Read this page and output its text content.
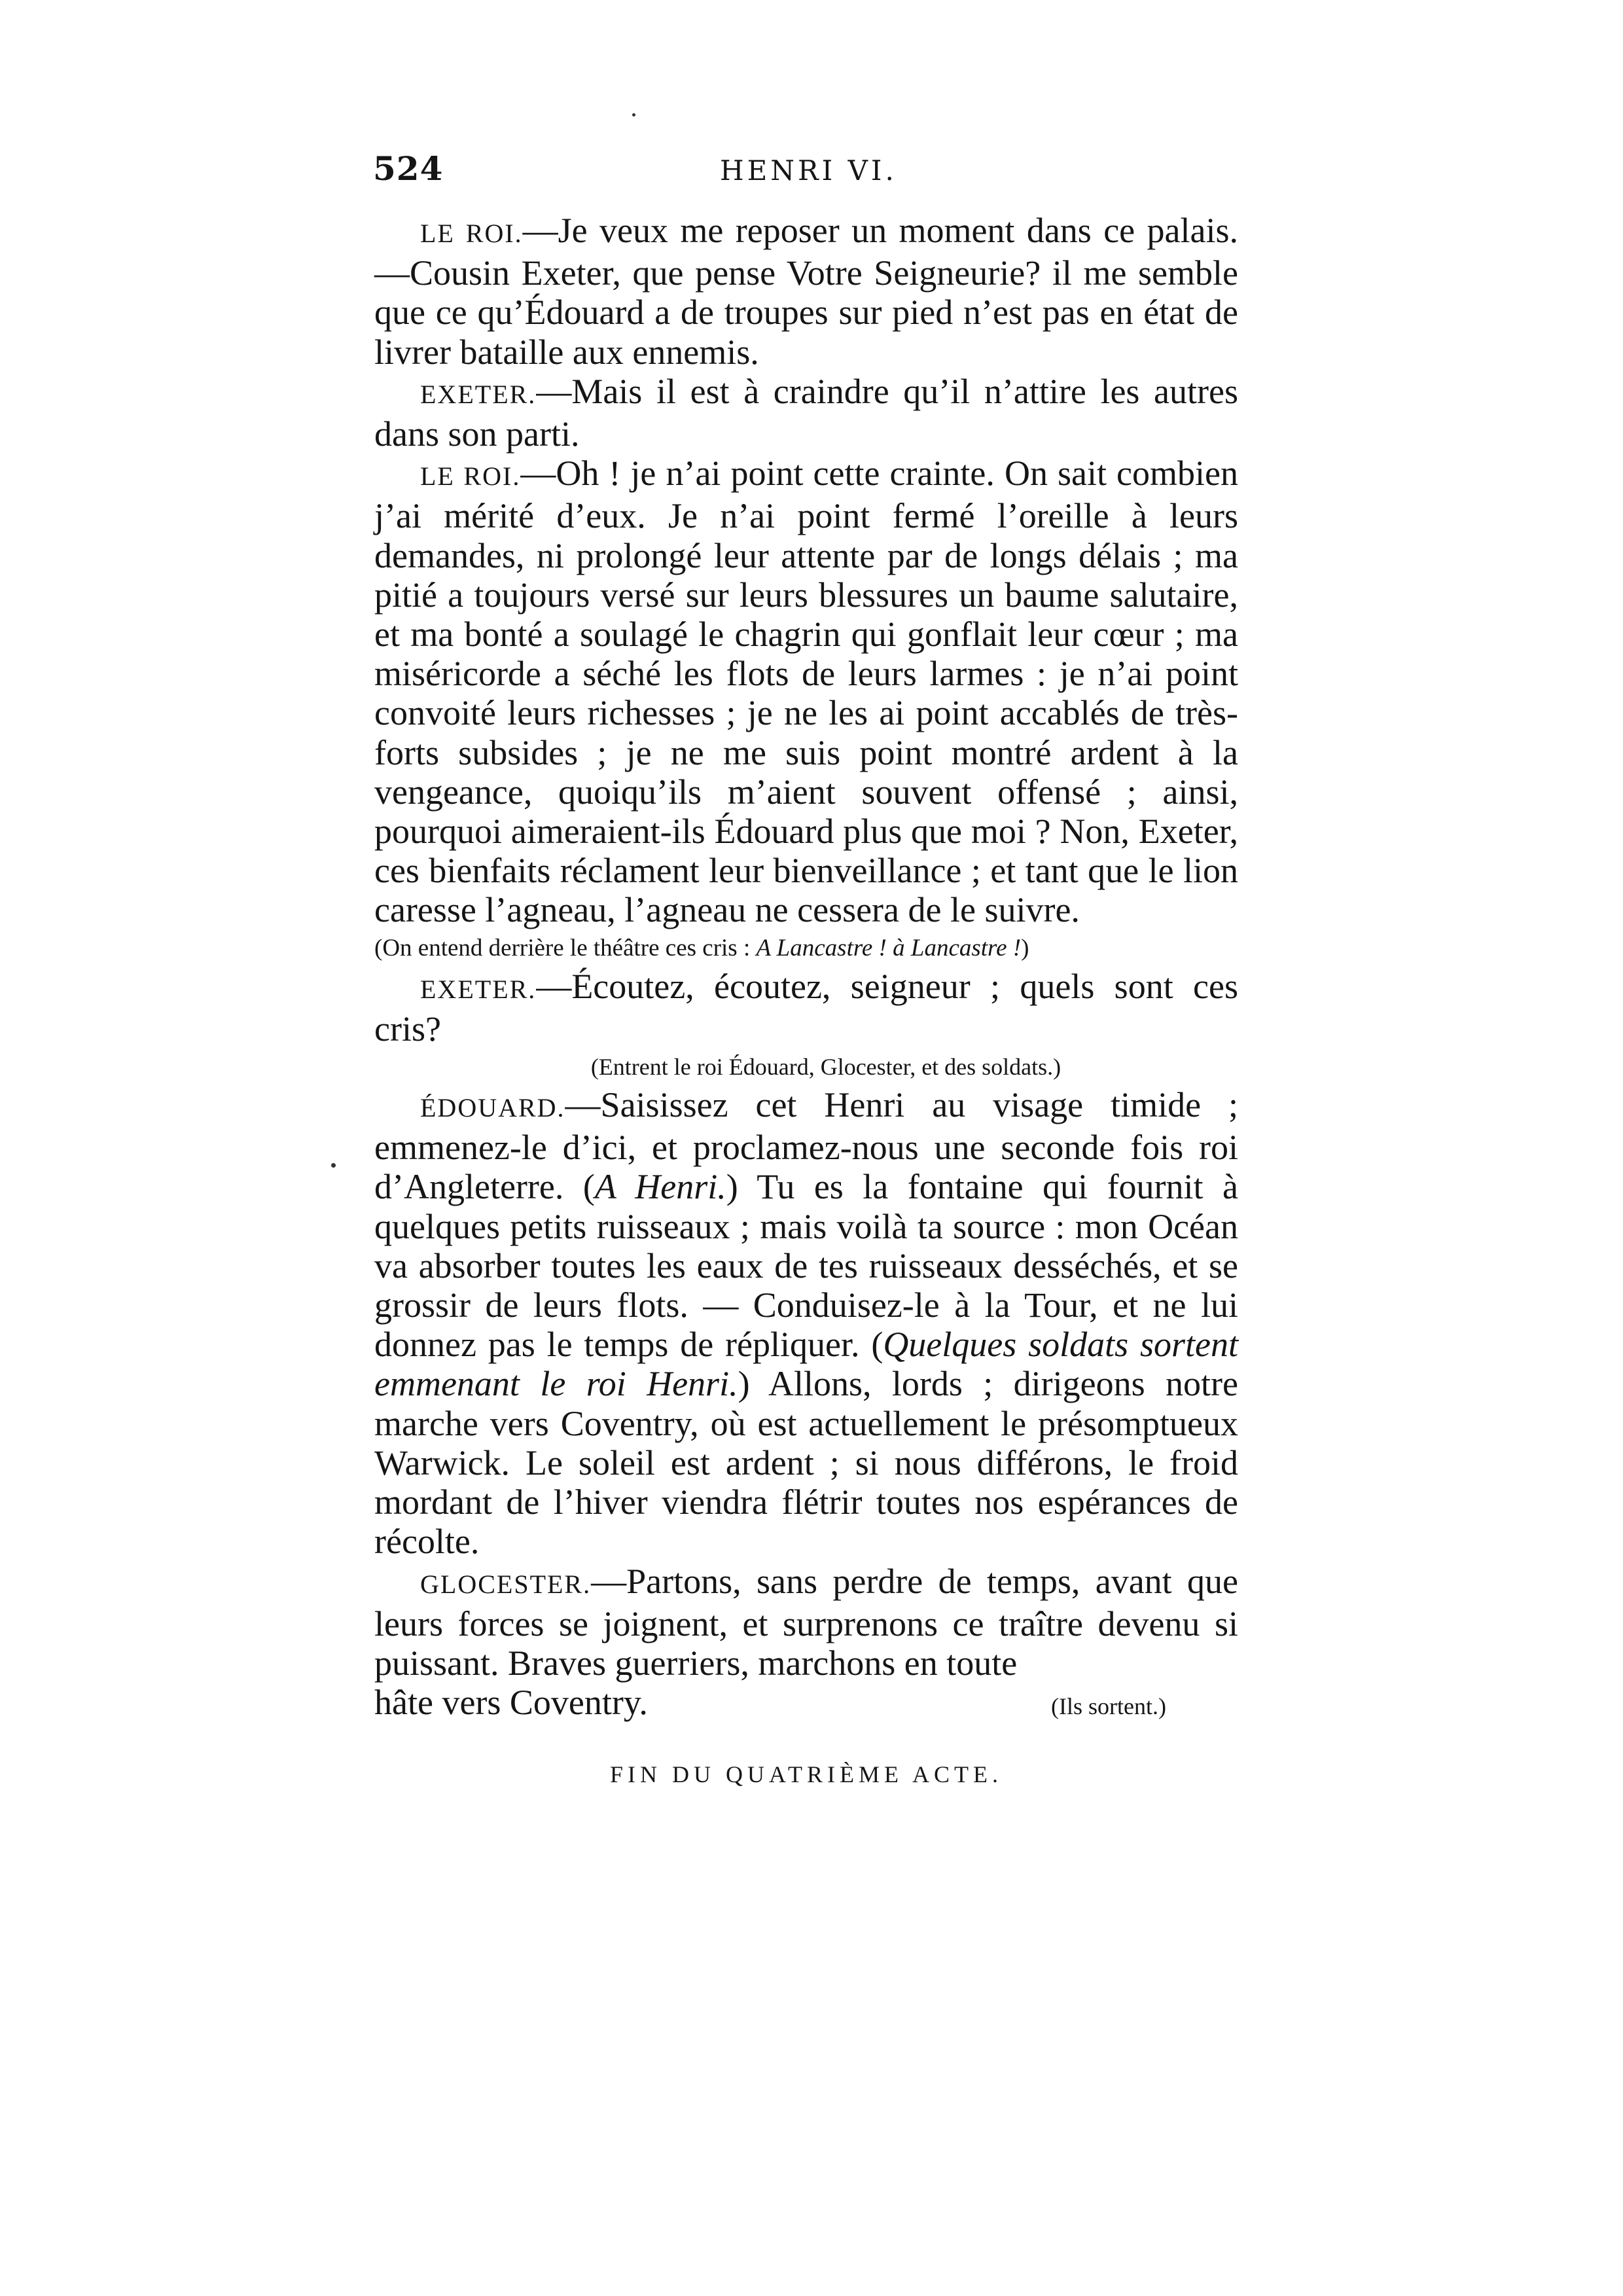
524	HENRI VI.

LE ROI.—Je veux me reposer un moment dans ce palais.—Cousin Exeter, que pense Votre Seigneurie? il me semble que ce qu’Édouard a de troupes sur pied n’est pas en état de livrer bataille aux ennemis.

EXETER.—Mais il est à craindre qu’il n’attire les autres dans son parti.

LE ROI.—Oh ! je n’ai point cette crainte. On sait combien j’ai mérité d’eux. Je n’ai point fermé l’oreille à leurs demandes, ni prolongé leur attente par de longs délais ; ma pitié a toujours versé sur leurs blessures un baume salutaire, et ma bonté a soulagé le chagrin qui gonflait leur cœur ; ma miséricorde a séché les flots de leurs larmes : je n’ai point convoité leurs richesses ; je ne les ai point accablés de très-forts subsides ; je ne me suis point montré ardent à la vengeance, quoiqu’ils m’aient souvent offensé ; ainsi, pourquoi aimeraient-ils Édouard plus que moi ? Non, Exeter, ces bienfaits réclament leur bienveillance ; et tant que le lion caresse l’agneau, l’agneau ne cessera de le suivre.

(On entend derrière le théâtre ces cris : A Lancastre ! à Lancastre !)

EXETER.—Écoutez, écoutez, seigneur ; quels sont ces cris?

(Entrent le roi Édouard, Glocester, et des soldats.)

ÉDOUARD.—Saisissez cet Henri au visage timide ; emmenez-le d’ici, et proclamez-nous une seconde fois roi d’Angleterre. (A Henri.) Tu es la fontaine qui fournit à quelques petits ruisseaux ; mais voilà ta source : mon Océan va absorber toutes les eaux de tes ruisseaux desséchés, et se grossir de leurs flots. — Conduisez-le à la Tour, et ne lui donnez pas le temps de répliquer. (Quelques soldats sortent emmenant le roi Henri.) Allons, lords ; dirigeons notre marche vers Coventry, où est actuellement le présomptueux Warwick. Le soleil est ardent ; si nous différons, le froid mordant de l’hiver viendra flétrir toutes nos espérances de récolte.

GLOCESTER.—Partons, sans perdre de temps, avant que leurs forces se joignent, et surprenons ce traître devenu si puissant. Braves guerriers, marchons en toute

hâte vers Coventry.	(Ils sortent.)

FIN DU QUATRIÈME ACTE.
